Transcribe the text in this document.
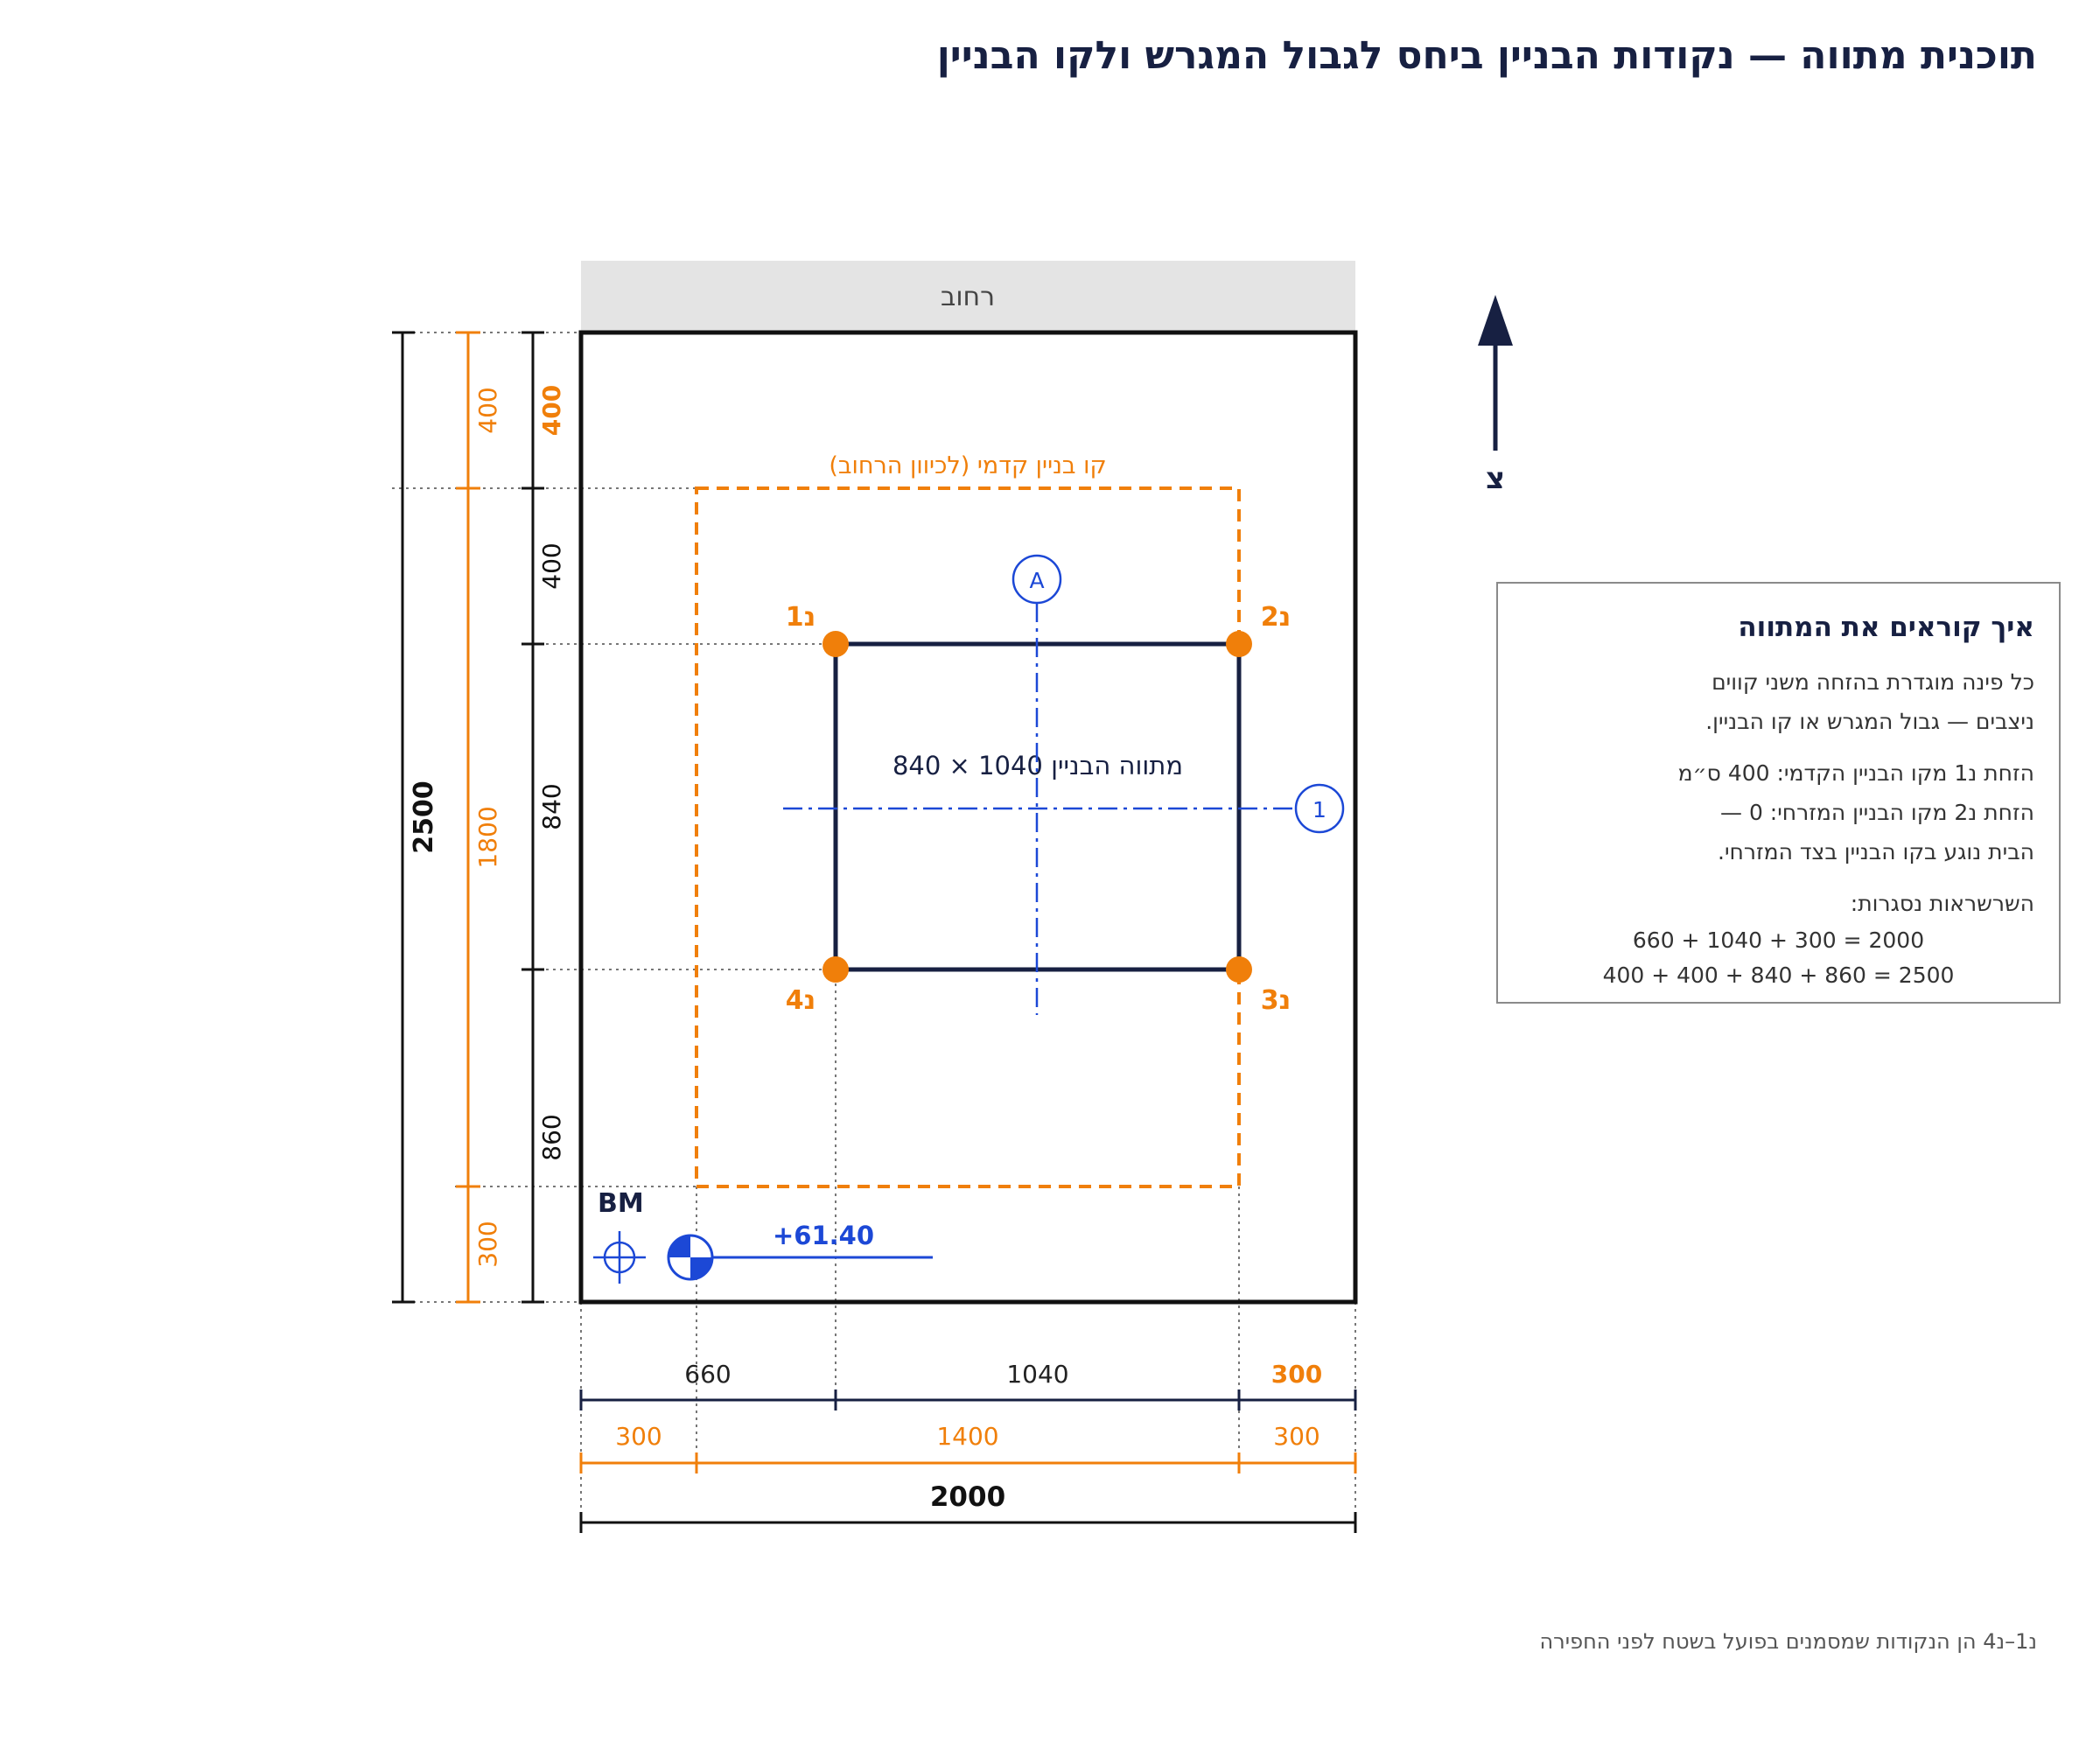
תוכנית מתווה — נקודות הבניין ביחס לגבול המגרש ולקו הבניין
רחוב
קו בניין קדמי (לכיוון הרחוב)
מתווה הבניין 1040 × 840
A
1
נ1	נ2
נ3
נ4
צ
BM
+61.40
2500
400
1800
300
400
400
840
860
660	1040	300
300	1400	300
2000
איך קוראים את המתווה
כל פינה מוגדרת בהזחה משני קווים
ניצבים — גבול המגרש או קו הבניין.
הזחת נ1 מקו הבניין הקדמי: 400 ס״מ
הזחת נ2 מקו הבניין המזרחי: 0 —
הבית נוגע בקו הבניין בצד המזרחי.
השרשראות נסגרות:
660 + 1040 + 300 = 2000
400 + 400 + 840 + 860 = 2500
נ1–נ4 הן הנקודות שמסמנים בפועל בשטח לפני החפירה
